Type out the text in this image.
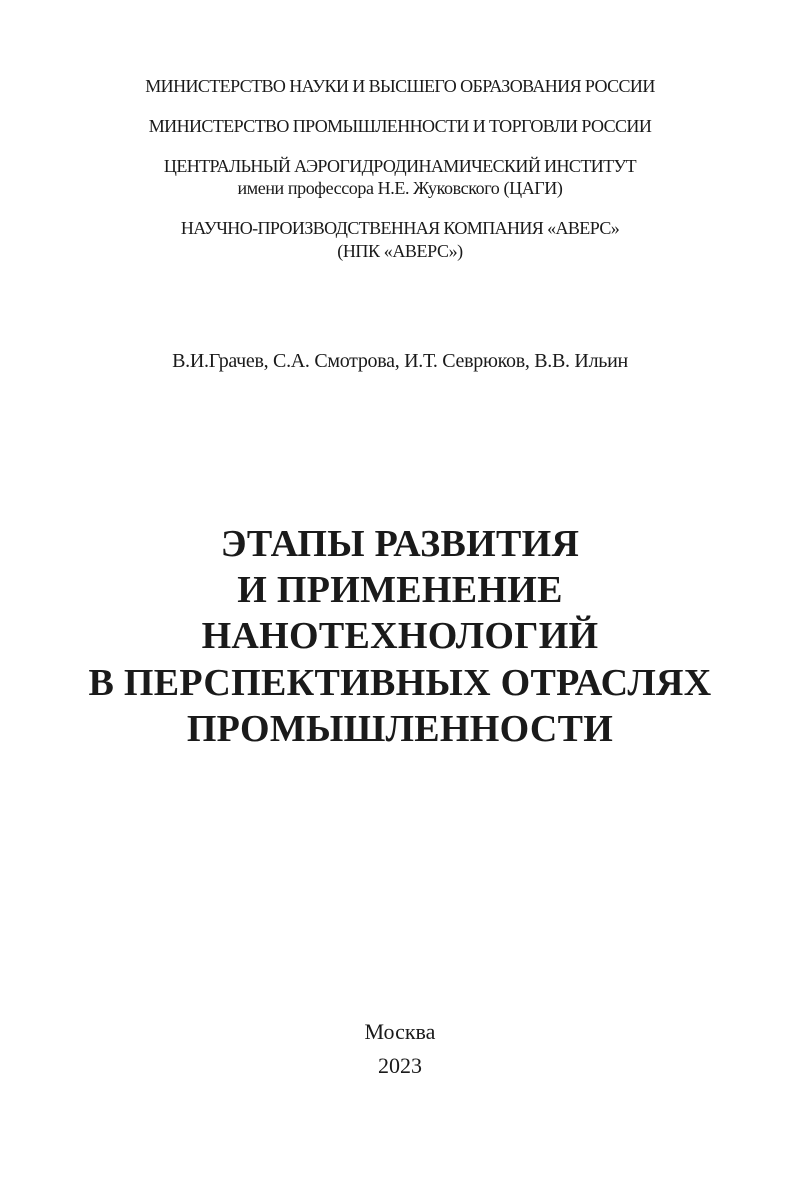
МИНИСТЕРСТВО НАУКИ И ВЫСШЕГО ОБРАЗОВАНИЯ РОССИИ
МИНИСТЕРСТВО ПРОМЫШЛЕННОСТИ И ТОРГОВЛИ РОССИИ
ЦЕНТРАЛЬНЫЙ АЭРОГИДРОДИНАМИЧЕСКИЙ ИНСТИТУТ
имени профессора Н.Е. Жуковского (ЦАГИ)
НАУЧНО-ПРОИЗВОДСТВЕННАЯ КОМПАНИЯ «АВЕРС»
(НПК «АВЕРС»)
В.И.Грачев, С.А. Смотрова, И.Т. Севрюков, В.В. Ильин
ЭТАПЫ РАЗВИТИЯ
И ПРИМЕНЕНИЕ
НАНОТЕХНОЛОГИЙ
В ПЕРСПЕКТИВНЫХ ОТРАСЛЯХ
ПРОМЫШЛЕННОСТИ
Москва
2023
